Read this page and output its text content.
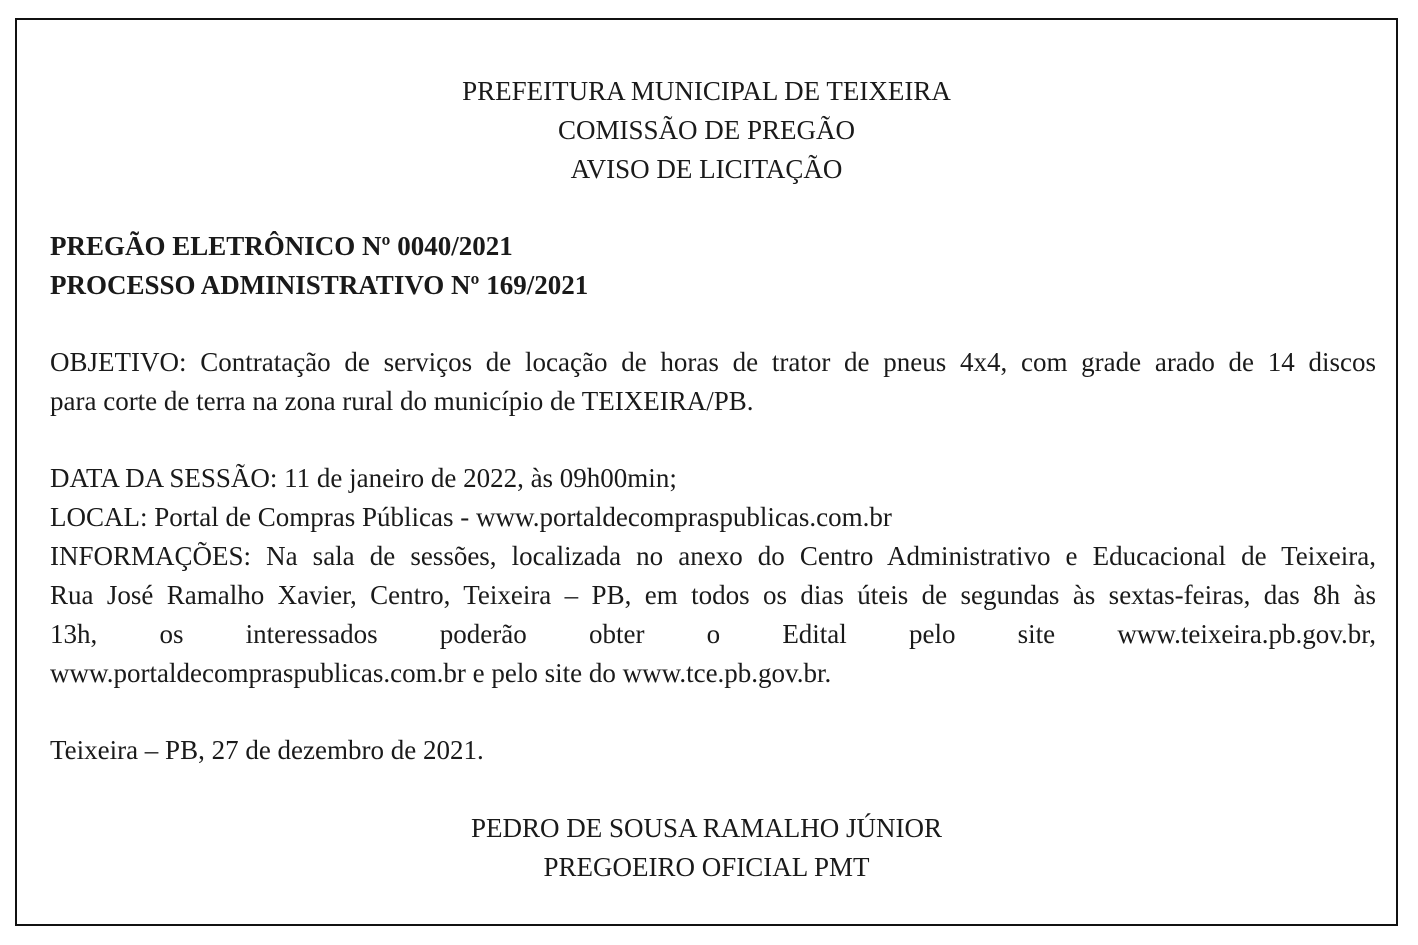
PREFEITURA MUNICIPAL DE TEIXEIRA
COMISSÃO DE PREGÃO
AVISO DE LICITAÇÃO
PREGÃO ELETRÔNICO Nº 0040/2021
PROCESSO ADMINISTRATIVO Nº 169/2021
OBJETIVO: Contratação de serviços de locação de horas de trator de pneus 4x4, com grade arado de 14 discos
para corte de terra na zona rural do município de TEIXEIRA/PB.
DATA DA SESSÃO: 11 de janeiro de 2022, às 09h00min;
LOCAL: Portal de Compras Públicas - www.portaldecompraspublicas.com.br
INFORMAÇÕES: Na sala de sessões, localizada no anexo do Centro Administrativo e Educacional de Teixeira,
Rua José Ramalho Xavier, Centro, Teixeira – PB, em todos os dias úteis de segundas às sextas-feiras, das 8h às
13h, os interessados poderão obter o Edital pelo site www.teixeira.pb.gov.br,
www.portaldecompraspublicas.com.br e pelo site do www.tce.pb.gov.br.
Teixeira – PB, 27 de dezembro de 2021.
PEDRO DE SOUSA RAMALHO JÚNIOR
PREGOEIRO OFICIAL PMT
